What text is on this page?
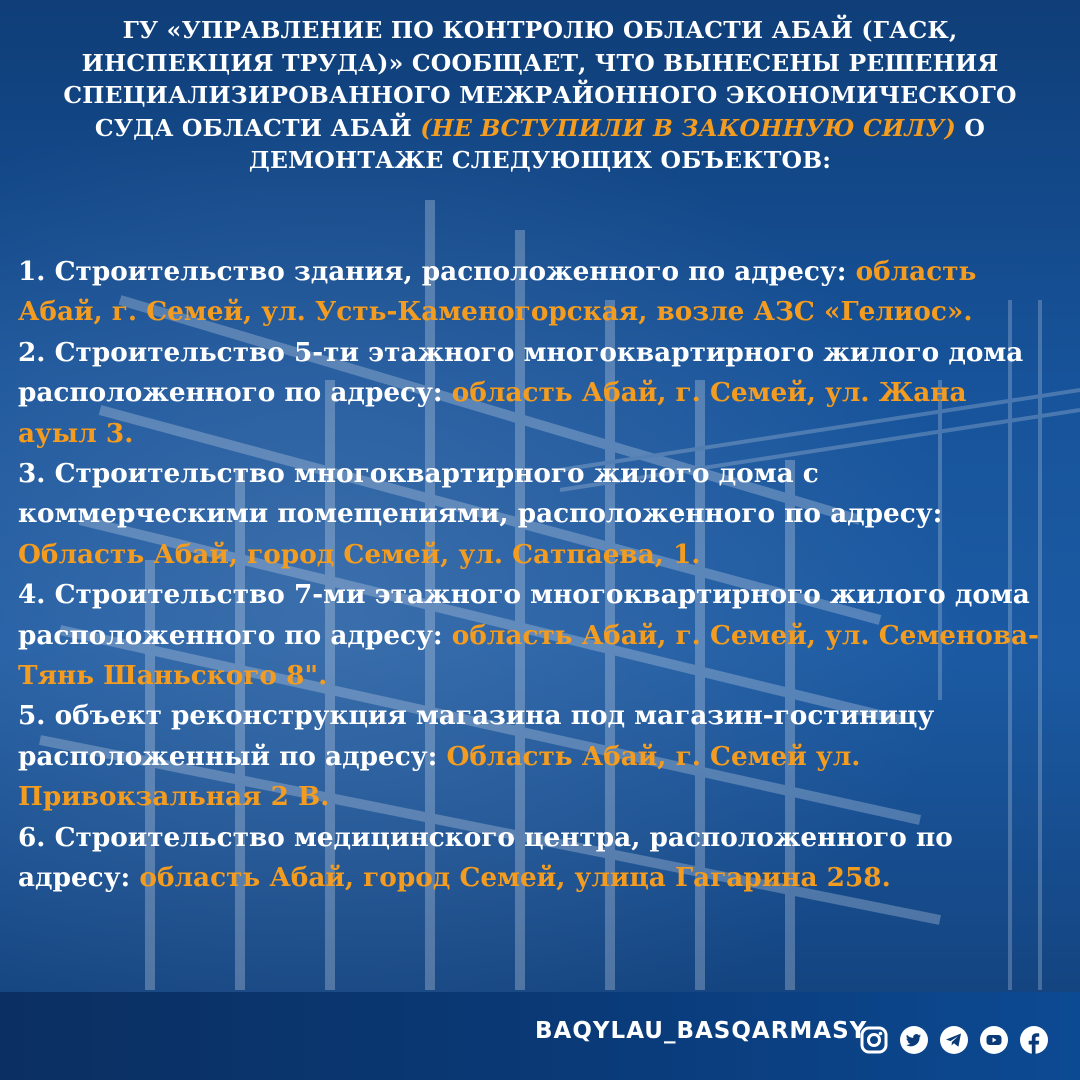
ГУ «УПРАВЛЕНИЕ ПО КОНТРОЛЮ ОБЛАСТИ АБАЙ (ГАСК,
ИНСПЕКЦИЯ ТРУДА)» СООБЩАЕТ, ЧТО ВЫНЕСЕНЫ РЕШЕНИЯ
СПЕЦИАЛИЗИРОВАННОГО МЕЖРАЙОННОГО ЭКОНОМИЧЕСКОГО
СУДА ОБЛАСТИ АБАЙ (НЕ ВСТУПИЛИ В ЗАКОННУЮ СИЛУ) О
ДЕМОНТАЖЕ СЛЕДУЮЩИХ ОБЪЕКТОВ:
1. Строительство здания, расположенного по адресу: область
Абай, г. Семей, ул. Усть-Каменогорская, возле АЗС «Гелиос».
2. Строительство 5-ти этажного многоквартирного жилого дома
расположенного по адресу: область Абай, г. Семей, ул. Жана
ауыл 3.
3. Строительство многоквартирного жилого дома с
коммерческими помещениями, расположенного по адресу:
Область Абай, город Семей, ул. Сатпаева, 1.
4. Строительство 7-ми этажного многоквартирного жилого дома
расположенного по адресу: область Абай, г. Семей, ул. Семенова-
Тянь Шаньского 8".
5. объект реконструкция магазина под магазин-гостиницу
расположенный по адресу: Область Абай, г. Семей ул.
Привокзальная 2 В.
6. Строительство медицинского центра, расположенного по
адресу: область Абай, город Семей, улица Гагарина 258.
BAQYLAU_BASQARMASY
